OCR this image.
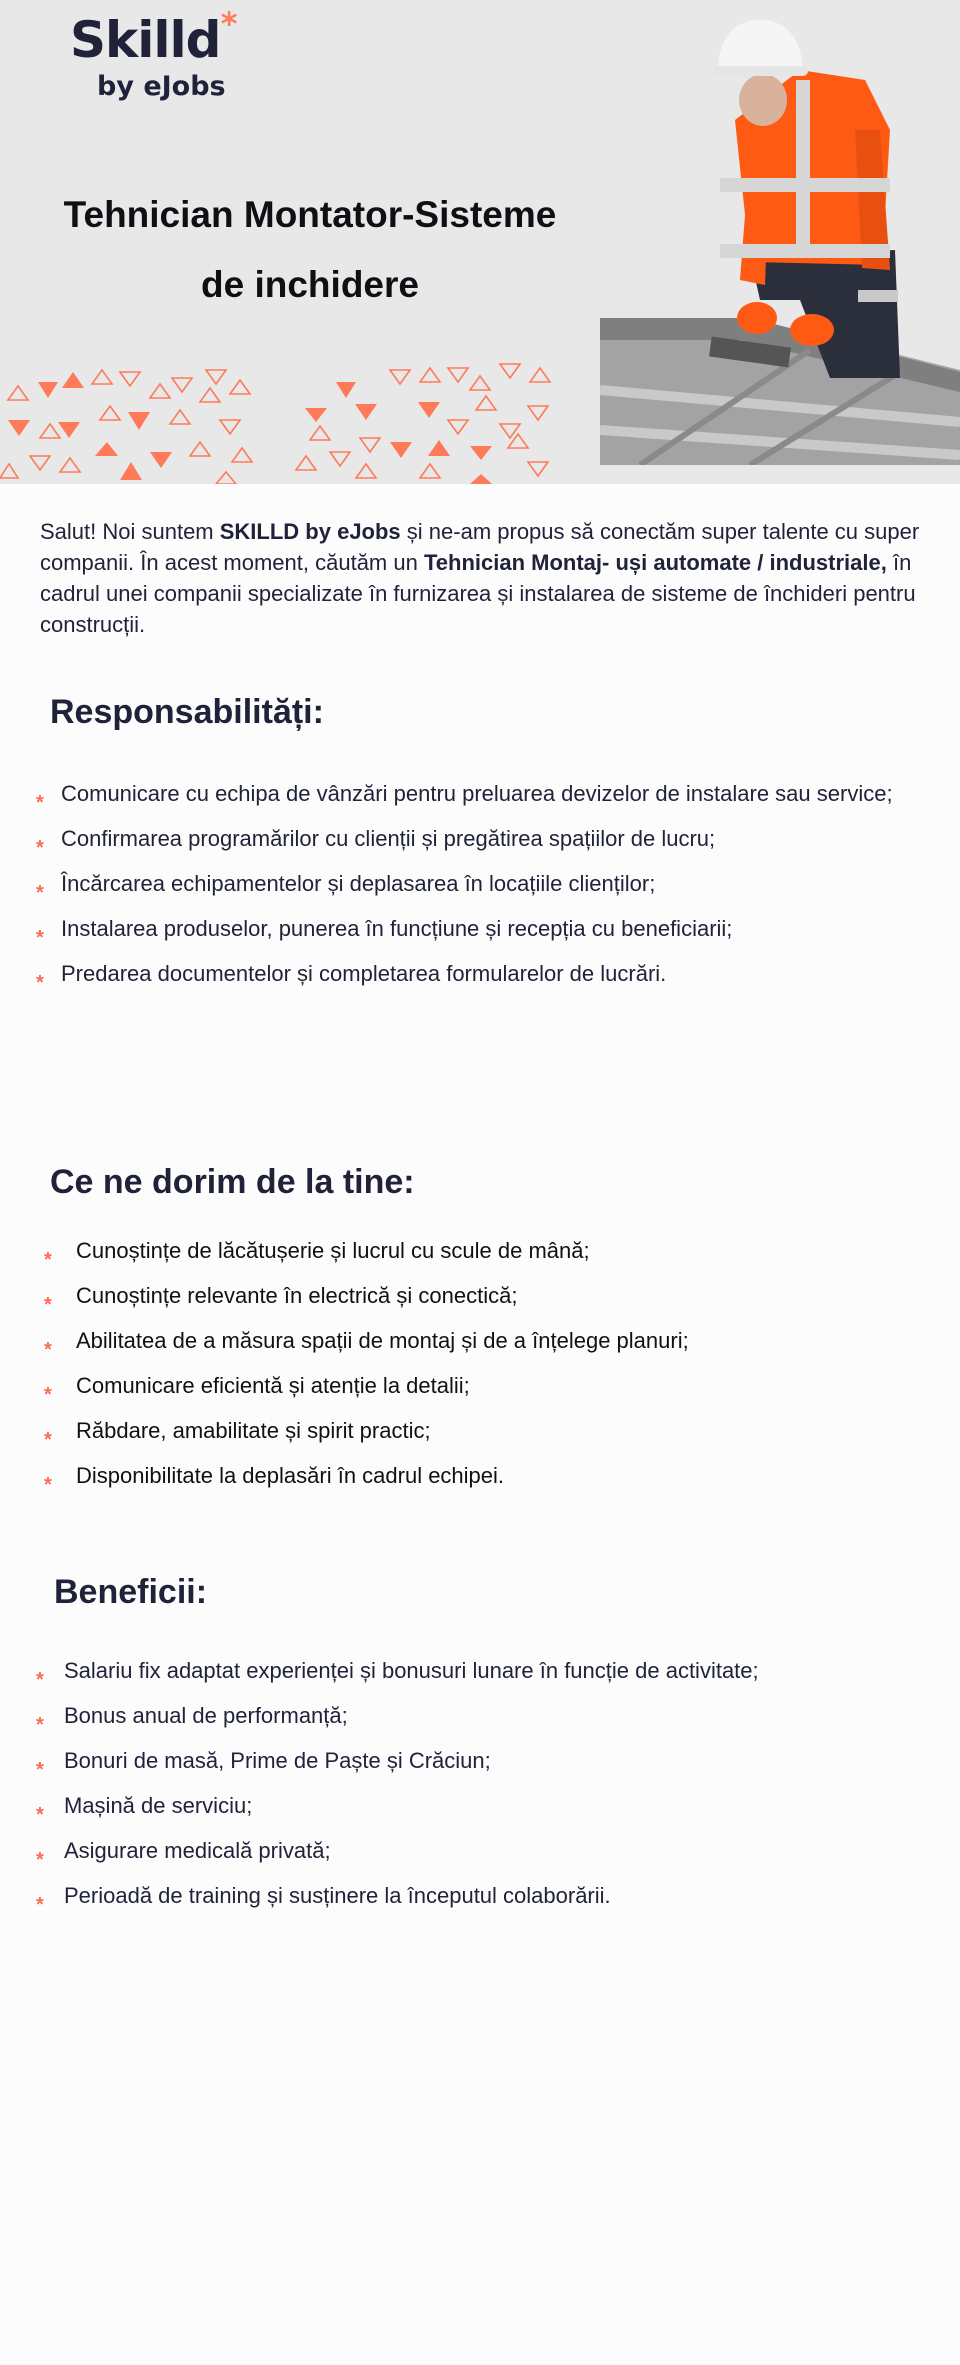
Skilld *
by eJobs
Tehnician Montator-Sisteme
de inchidere

Salut! Noi suntem SKILLD by eJobs și ne-am propus să conectăm super talente cu super companii. În acest moment, căutăm un Tehnician Montaj- uși automate / industriale, în cadrul unei companii specializate în furnizarea și instalarea de sisteme de închideri pentru construcții.

Responsabilități:
* Comunicare cu echipa de vânzări pentru preluarea devizelor de instalare sau service;
* Confirmarea programărilor cu clienții și pregătirea spațiilor de lucru;
* Încărcarea echipamentelor și deplasarea în locațiile clienților;
* Instalarea produselor, punerea în funcțiune și recepția cu beneficiarii;
* Predarea documentelor și completarea formularelor de lucrări.
Ce ne dorim de la tine:
* Cunoștințe de lăcătușerie și lucrul cu scule de mână;
* Cunoștințe relevante în electrică și conectică;
* Abilitatea de a măsura spații de montaj și de a înțelege planuri;
* Comunicare eficientă și atenție la detalii;
* Răbdare, amabilitate și spirit practic;
* Disponibilitate la deplasări în cadrul echipei.
Beneficii:
* Salariu fix adaptat experienței și bonusuri lunare în funcție de activitate;
* Bonus anual de performanță;
* Bonuri de masă, Prime de Paște și Crăciun;
* Mașină de serviciu;
* Asigurare medicală privată;
* Perioadă de training și susținere la începutul colaborării.
